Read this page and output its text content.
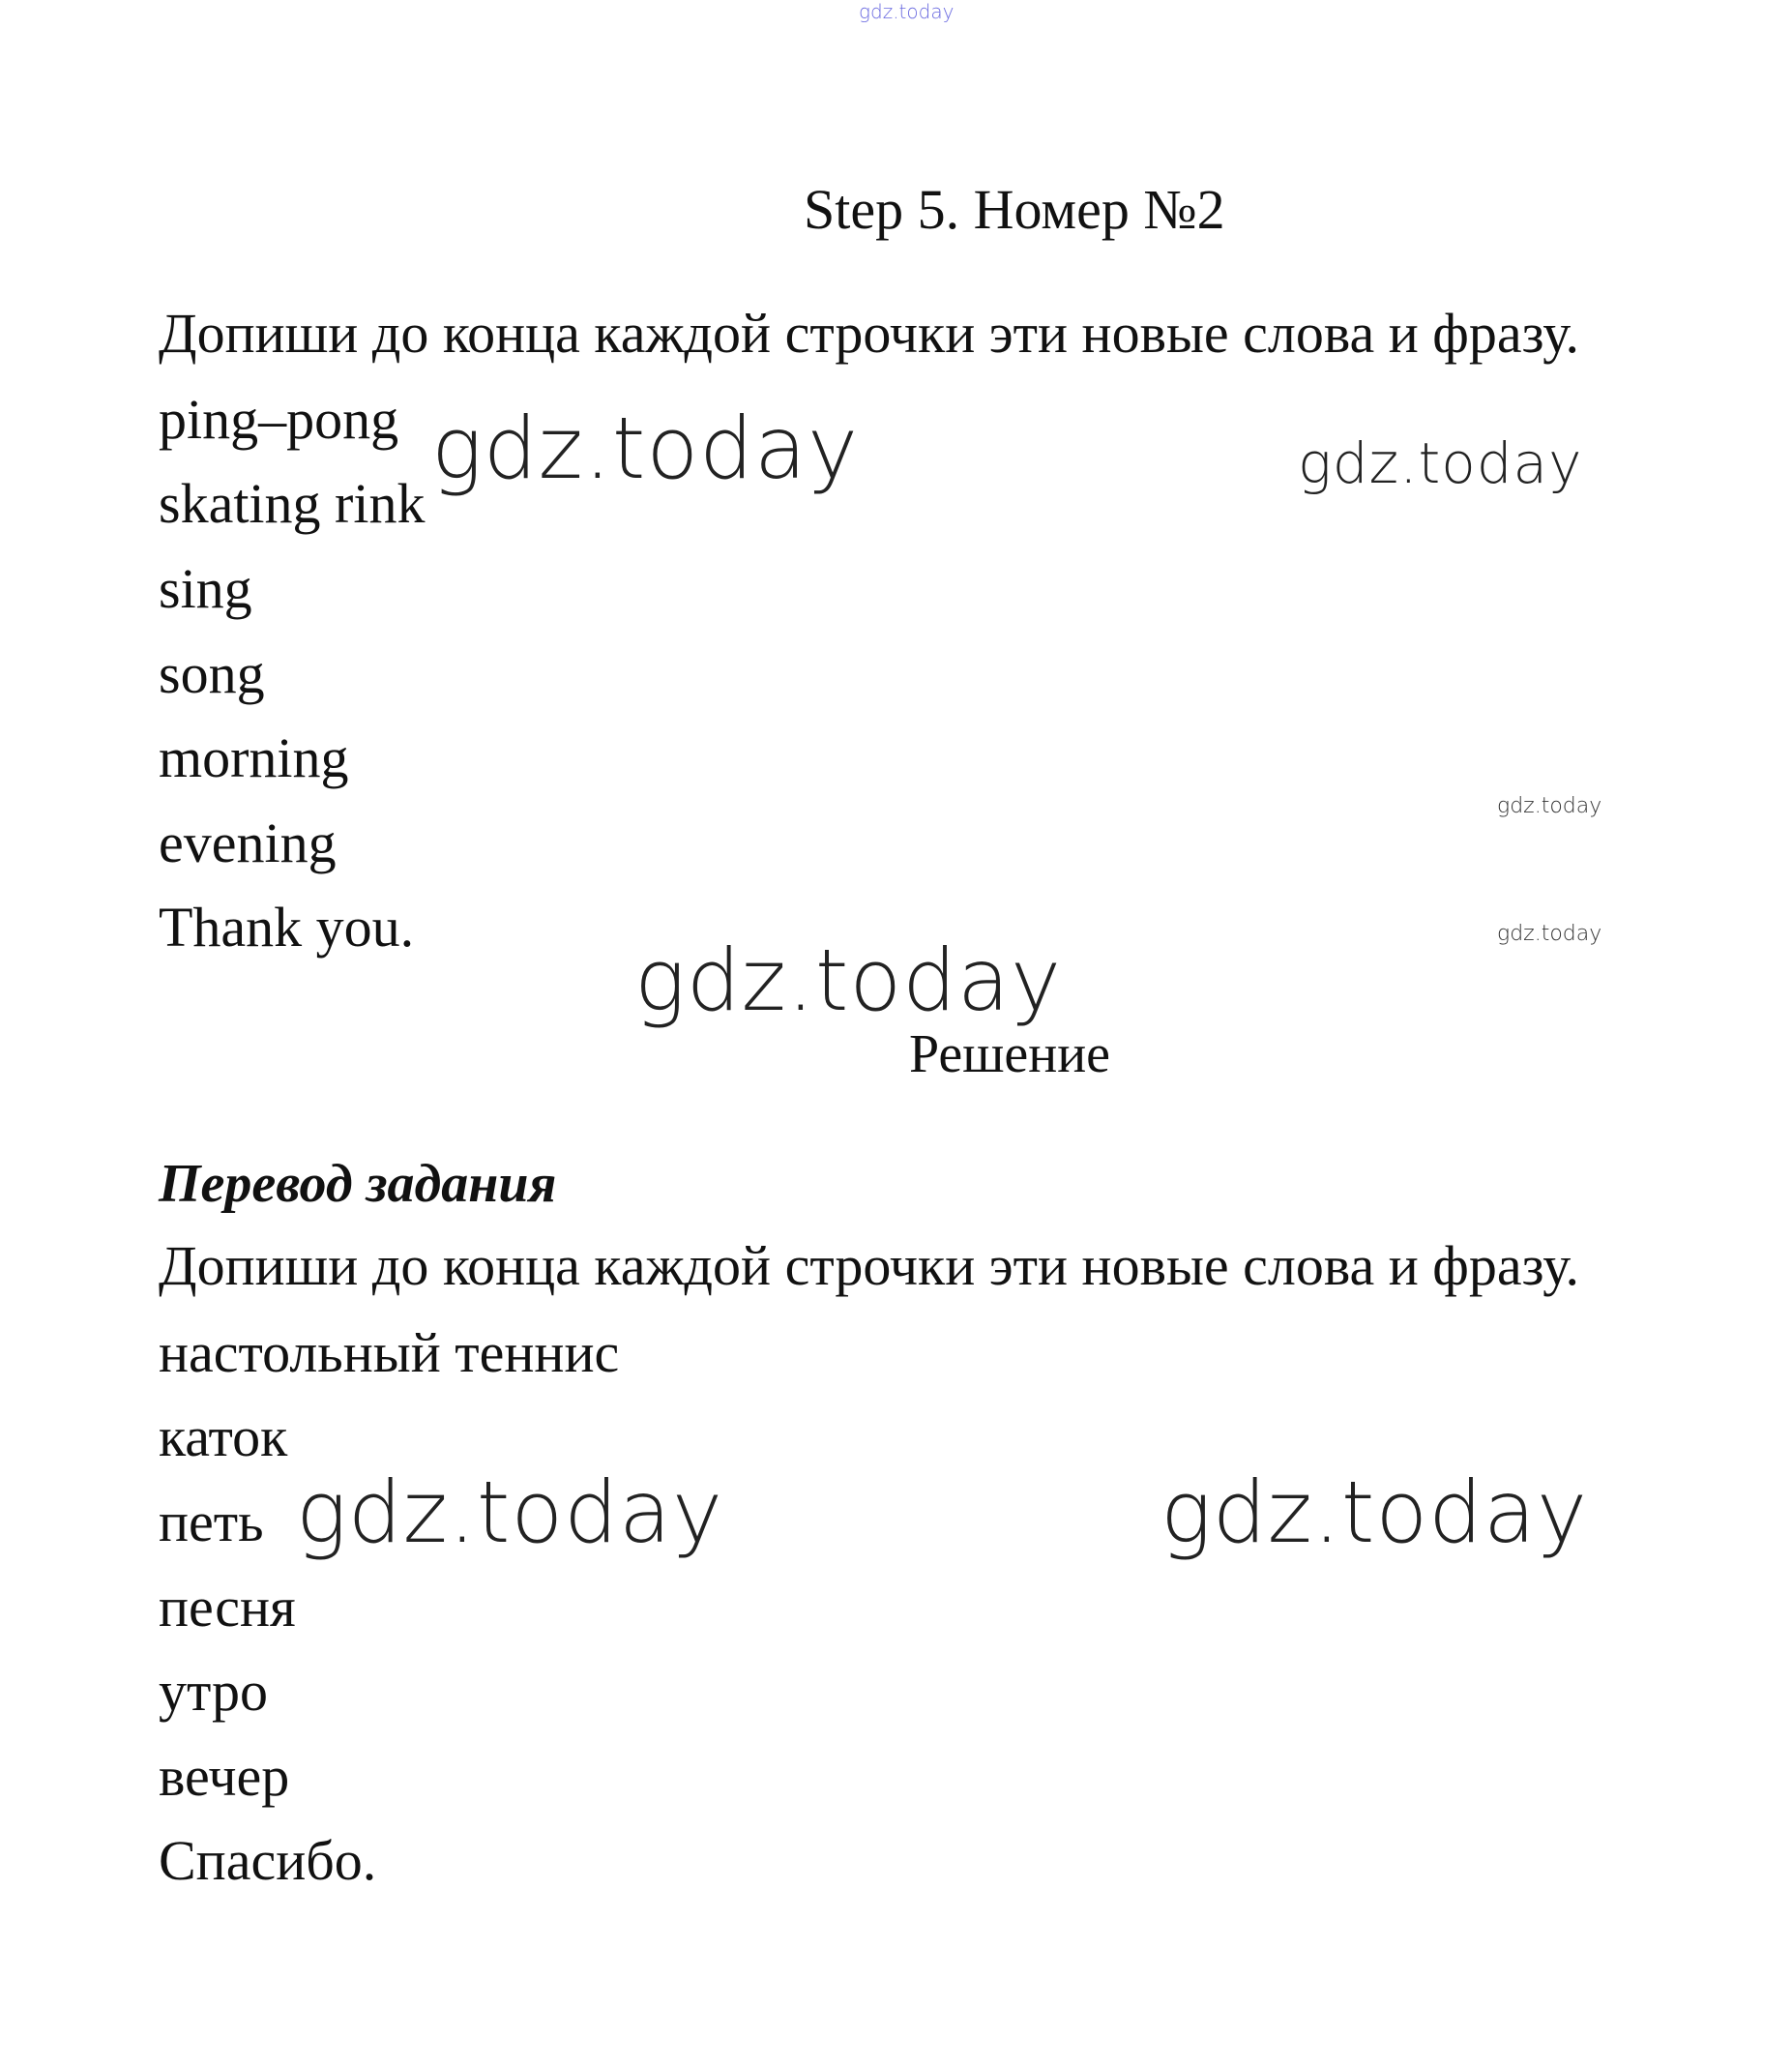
gdz.today
Step 5. Номер №2
Допиши до конца каждой строчки эти новые слова и фразу.
ping–pong
skating rink
sing
song
morning
evening
Thank you.
gdz.today	gdz.today
gdz.today
gdz.today
gdz.today
Решение
Перевод задания
Допиши до конца каждой строчки эти новые слова и фразу.
настольный теннис
каток
петь
песня
утро
вечер
Спасибо.
gdz.today	gdz.today
